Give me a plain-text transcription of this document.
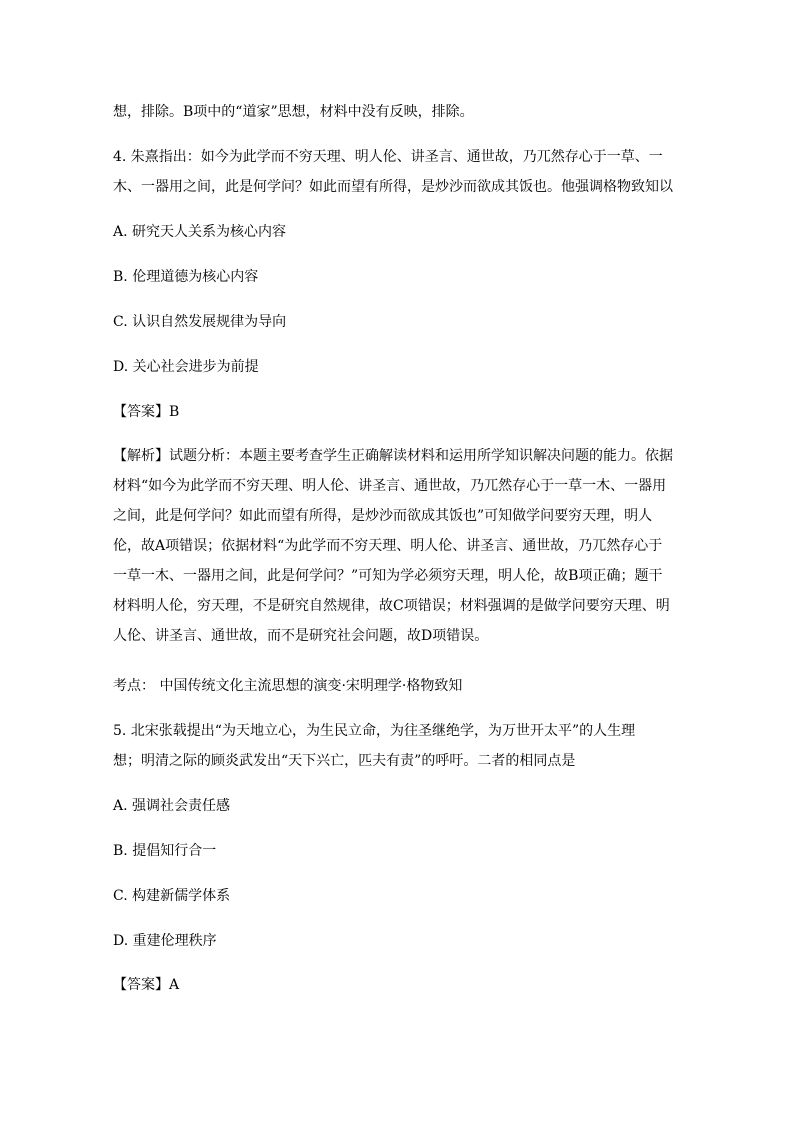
想，排除。B项中的“道家”思想，材料中没有反映，排除。
4. 朱熹指出：如今为此学而不穷天理、明人伦、讲圣言、通世故，乃兀然存心于一草、一
木、一器用之间，此是何学问？如此而望有所得，是炒沙而欲成其饭也。他强调格物致知以
A. 研究天人关系为核心内容
B. 伦理道德为核心内容
C. 认识自然发展规律为导向
D. 关心社会进步为前提
【答案】B
【解析】试题分析：本题主要考查学生正确解读材料和运用所学知识解决问题的能力。依据
材料“如今为此学而不穷天理、明人伦、讲圣言、通世故，乃兀然存心于一草一木、一器用
之间，此是何学问？如此而望有所得，是炒沙而欲成其饭也”可知做学问要穷天理，明人
伦，故A项错误；依据材料“为此学而不穷天理、明人伦、讲圣言、通世故，乃兀然存心于
一草一木、一器用之间，此是何学问？”可知为学必须穷天理，明人伦，故B项正确；题干
材料明人伦，穷天理，不是研究自然规律，故C项错误；材料强调的是做学问要穷天理、明
人伦、讲圣言、通世故，而不是研究社会问题，故D项错误。
考点： 中国传统文化主流思想的演变·宋明理学·格物致知
5. 北宋张载提出“为天地立心，为生民立命，为往圣继绝学，为万世开太平”的人生理
想；明清之际的顾炎武发出“天下兴亡，匹夫有责”的呼吁。二者的相同点是
A. 强调社会责任感
B. 提倡知行合一
C. 构建新儒学体系
D. 重建伦理秩序
【答案】A
